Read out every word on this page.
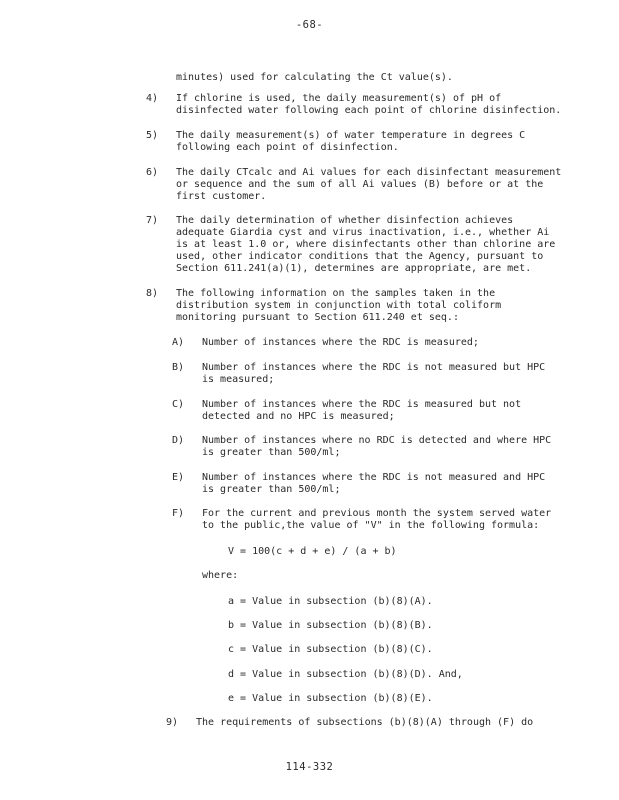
-68-
minutes) used for calculating the Ct value(s).
4) If chlorine is used, the daily measurement(s) of pH of
disinfected water following each point of chlorine disinfection.
5) The daily measurement(s) of water temperature in degrees C
following each point of disinfection.
6) The daily CTcalc and Ai values for each disinfectant measurement
or sequence and the sum of all Ai values (B) before or at the
first customer.
7) The daily determination of whether disinfection achieves
adequate Giardia cyst and virus inactivation, i.e., whether Ai
is at least 1.0 or, where disinfectants other than chlorine are
used, other indicator conditions that the Agency, pursuant to
Section 611.241(a)(1), determines are appropriate, are met.
8) The following information on the samples taken in the
distribution system in conjunction with total coliform
monitoring pursuant to Section 611.240 et seq.:
A) Number of instances where the RDC is measured;
B) Number of instances where the RDC is not measured but HPC
is measured;
C) Number of instances where the RDC is measured but not
detected and no HPC is measured;
D) Number of instances where no RDC is detected and where HPC
is greater than 500/ml;
E) Number of instances where the RDC is not measured and HPC
is greater than 500/ml;
F) For the current and previous month the system served water
to the public,the value of "V" in the following formula:
V = 100(c + d + e) / (a + b)
where:
a = Value in subsection (b)(8)(A).
b = Value in subsection (b)(8)(B).
c = Value in subsection (b)(8)(C).
d = Value in subsection (b)(8)(D). And,
e = Value in subsection (b)(8)(E).
9) The requirements of subsections (b)(8)(A) through (F) do
114-332
